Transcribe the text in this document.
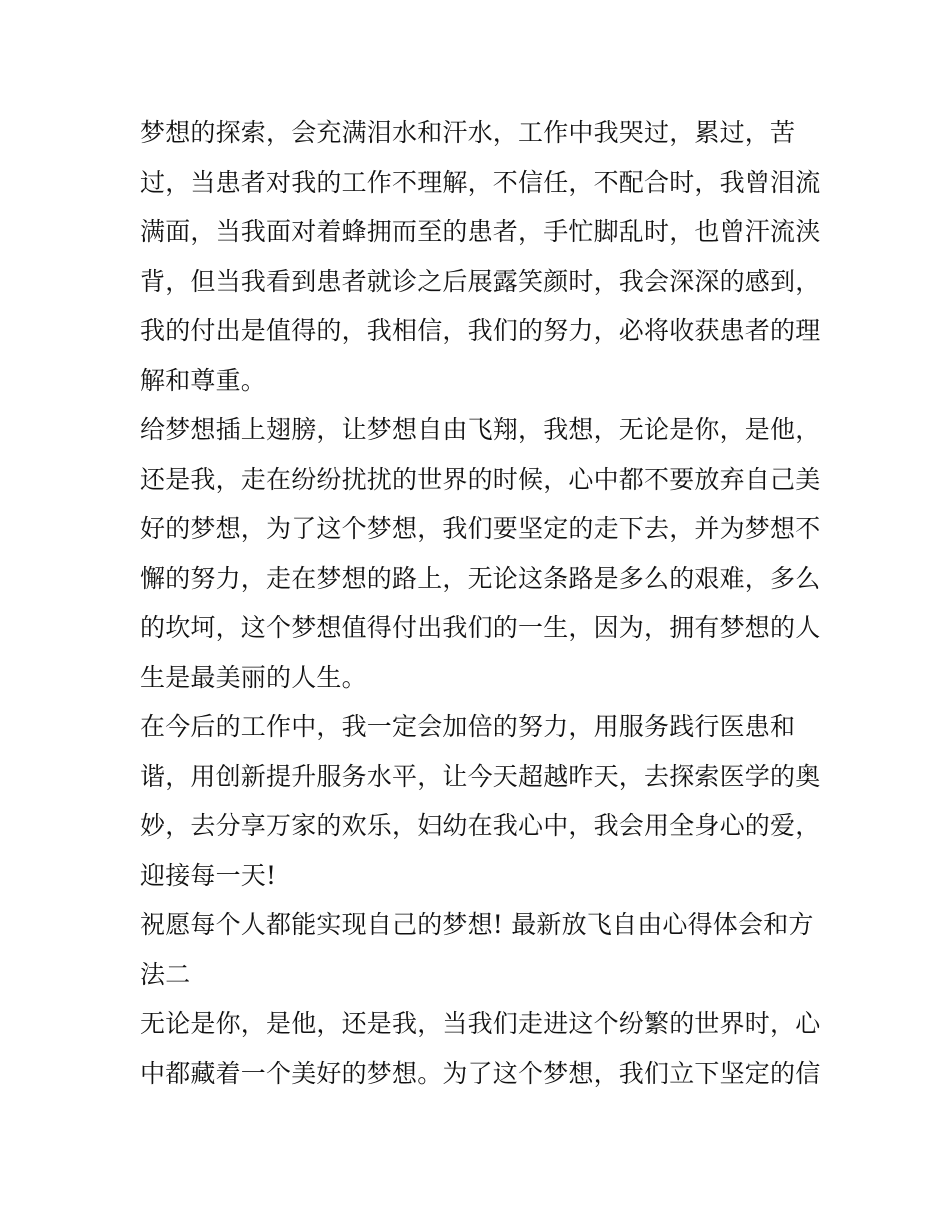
梦想的探索，会充满泪水和汗水，工作中我哭过，累过，苦
过，当患者对我的工作不理解，不信任，不配合时，我曾泪流
满面，当我面对着蜂拥而至的患者，手忙脚乱时，也曾汗流浃
背，但当我看到患者就诊之后展露笑颜时，我会深深的感到，
我的付出是值得的，我相信，我们的努力，必将收获患者的理
解和尊重。
给梦想插上翅膀，让梦想自由飞翔，我想，无论是你，是他，
还是我，走在纷纷扰扰的世界的时候，心中都不要放弃自己美
好的梦想，为了这个梦想，我们要坚定的走下去，并为梦想不
懈的努力，走在梦想的路上，无论这条路是多么的艰难，多么
的坎坷，这个梦想值得付出我们的一生，因为，拥有梦想的人
生是最美丽的人生。
在今后的工作中，我一定会加倍的努力，用服务践行医患和
谐，用创新提升服务水平，让今天超越昨天，去探索医学的奥
妙，去分享万家的欢乐，妇幼在我心中，我会用全身心的爱，
迎接每一天!
祝愿每个人都能实现自己的梦想! 最新放飞自由心得体会和方
法二
无论是你，是他，还是我，当我们走进这个纷繁的世界时，心
中都藏着一个美好的梦想。为了这个梦想，我们立下坚定的信
